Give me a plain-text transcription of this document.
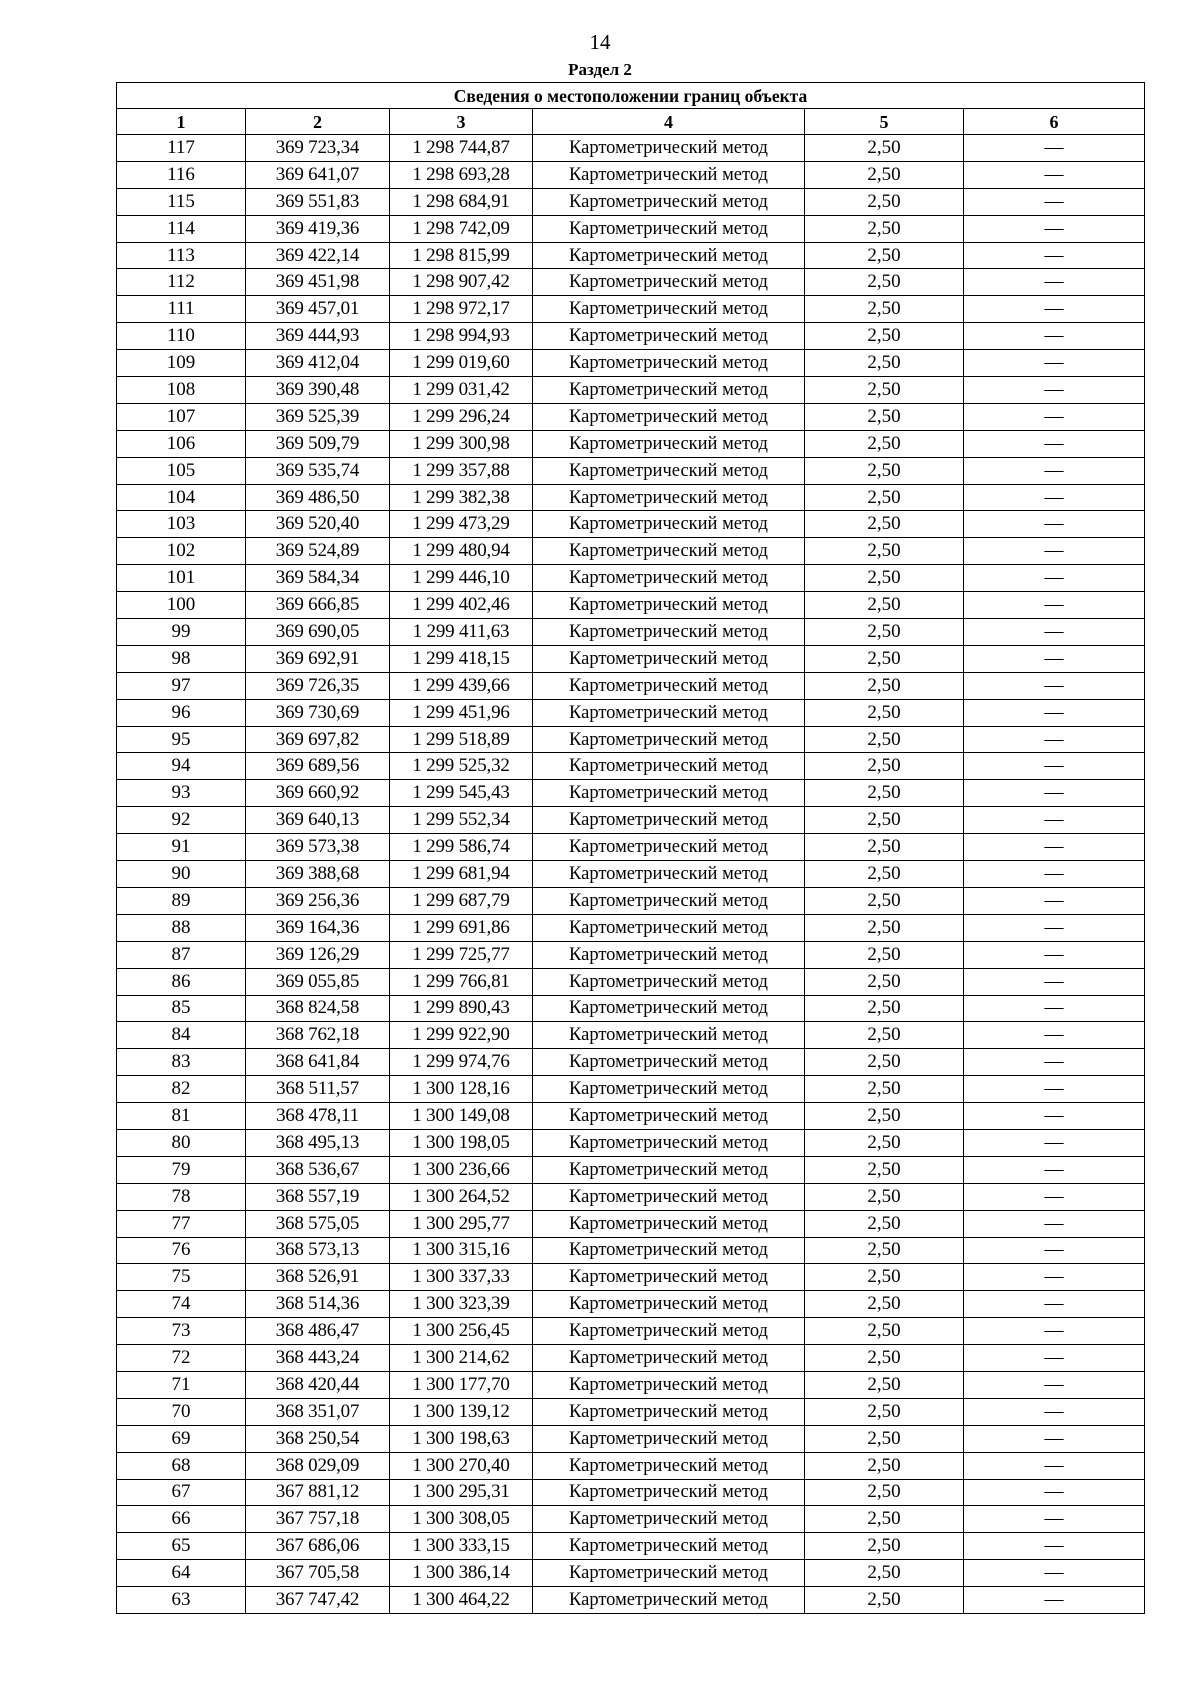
14
Раздел 2
Сведения о местоположении границ объекта					
1	2	3	4	5	6
117	369 723,34	1 298 744,87	Картометрический метод	2,50	—
116	369 641,07	1 298 693,28	Картометрический метод	2,50	—
115	369 551,83	1 298 684,91	Картометрический метод	2,50	—
114	369 419,36	1 298 742,09	Картометрический метод	2,50	—
113	369 422,14	1 298 815,99	Картометрический метод	2,50	—
112	369 451,98	1 298 907,42	Картометрический метод	2,50	—
111	369 457,01	1 298 972,17	Картометрический метод	2,50	—
110	369 444,93	1 298 994,93	Картометрический метод	2,50	—
109	369 412,04	1 299 019,60	Картометрический метод	2,50	—
108	369 390,48	1 299 031,42	Картометрический метод	2,50	—
107	369 525,39	1 299 296,24	Картометрический метод	2,50	—
106	369 509,79	1 299 300,98	Картометрический метод	2,50	—
105	369 535,74	1 299 357,88	Картометрический метод	2,50	—
104	369 486,50	1 299 382,38	Картометрический метод	2,50	—
103	369 520,40	1 299 473,29	Картометрический метод	2,50	—
102	369 524,89	1 299 480,94	Картометрический метод	2,50	—
101	369 584,34	1 299 446,10	Картометрический метод	2,50	—
100	369 666,85	1 299 402,46	Картометрический метод	2,50	—
99	369 690,05	1 299 411,63	Картометрический метод	2,50	—
98	369 692,91	1 299 418,15	Картометрический метод	2,50	—
97	369 726,35	1 299 439,66	Картометрический метод	2,50	—
96	369 730,69	1 299 451,96	Картометрический метод	2,50	—
95	369 697,82	1 299 518,89	Картометрический метод	2,50	—
94	369 689,56	1 299 525,32	Картометрический метод	2,50	—
93	369 660,92	1 299 545,43	Картометрический метод	2,50	—
92	369 640,13	1 299 552,34	Картометрический метод	2,50	—
91	369 573,38	1 299 586,74	Картометрический метод	2,50	—
90	369 388,68	1 299 681,94	Картометрический метод	2,50	—
89	369 256,36	1 299 687,79	Картометрический метод	2,50	—
88	369 164,36	1 299 691,86	Картометрический метод	2,50	—
87	369 126,29	1 299 725,77	Картометрический метод	2,50	—
86	369 055,85	1 299 766,81	Картометрический метод	2,50	—
85	368 824,58	1 299 890,43	Картометрический метод	2,50	—
84	368 762,18	1 299 922,90	Картометрический метод	2,50	—
83	368 641,84	1 299 974,76	Картометрический метод	2,50	—
82	368 511,57	1 300 128,16	Картометрический метод	2,50	—
81	368 478,11	1 300 149,08	Картометрический метод	2,50	—
80	368 495,13	1 300 198,05	Картометрический метод	2,50	—
79	368 536,67	1 300 236,66	Картометрический метод	2,50	—
78	368 557,19	1 300 264,52	Картометрический метод	2,50	—
77	368 575,05	1 300 295,77	Картометрический метод	2,50	—
76	368 573,13	1 300 315,16	Картометрический метод	2,50	—
75	368 526,91	1 300 337,33	Картометрический метод	2,50	—
74	368 514,36	1 300 323,39	Картометрический метод	2,50	—
73	368 486,47	1 300 256,45	Картометрический метод	2,50	—
72	368 443,24	1 300 214,62	Картометрический метод	2,50	—
71	368 420,44	1 300 177,70	Картометрический метод	2,50	—
70	368 351,07	1 300 139,12	Картометрический метод	2,50	—
69	368 250,54	1 300 198,63	Картометрический метод	2,50	—
68	368 029,09	1 300 270,40	Картометрический метод	2,50	—
67	367 881,12	1 300 295,31	Картометрический метод	2,50	—
66	367 757,18	1 300 308,05	Картометрический метод	2,50	—
65	367 686,06	1 300 333,15	Картометрический метод	2,50	—
64	367 705,58	1 300 386,14	Картометрический метод	2,50	—
63	367 747,42	1 300 464,22	Картометрический метод	2,50	—
